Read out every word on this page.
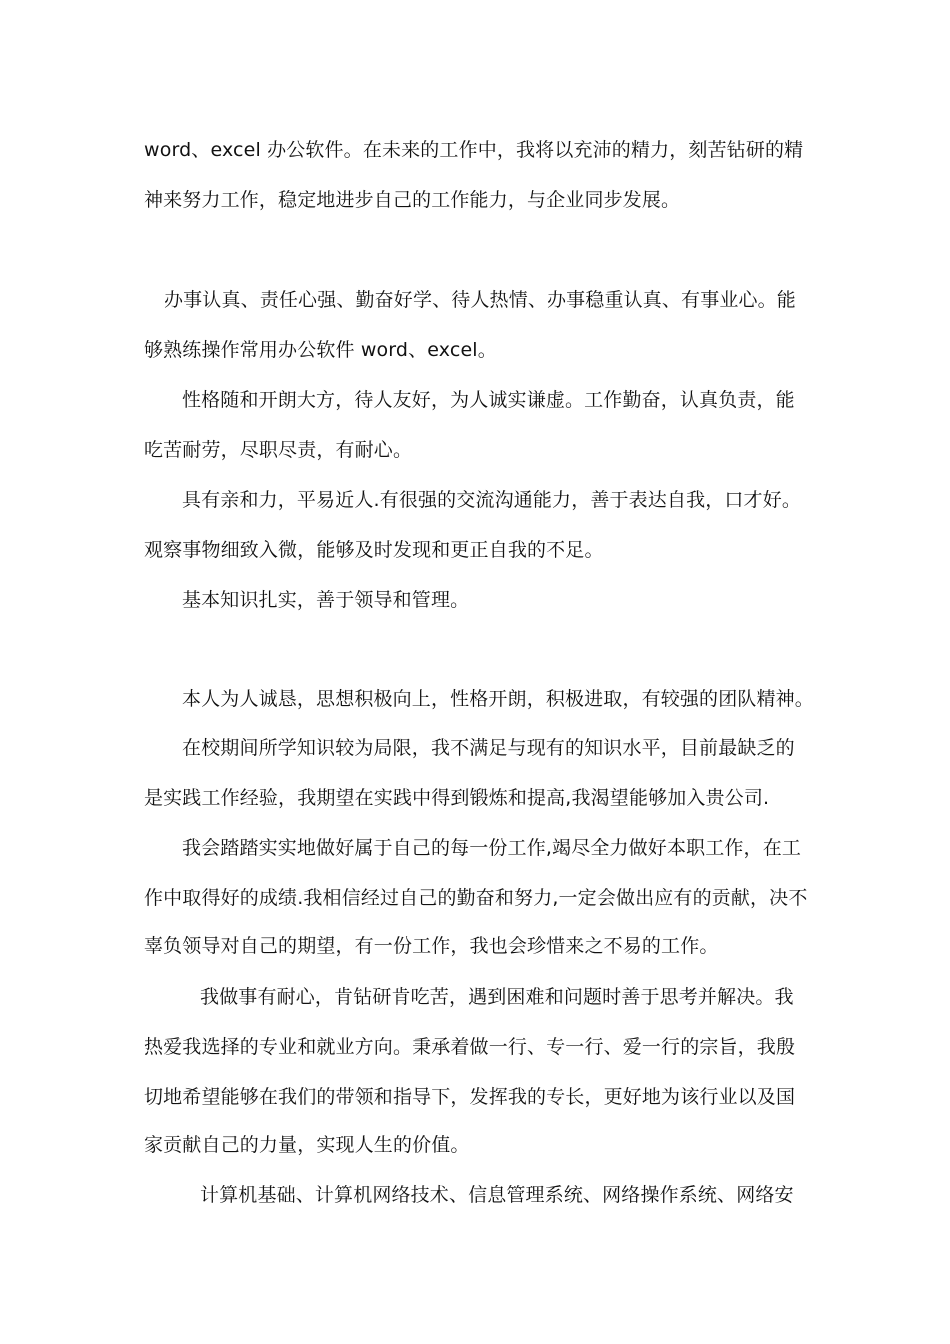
word、excel 办公软件。在未来的工作中，我将以充沛的精力，刻苦钻研的精
神来努力工作，稳定地进步自己的工作能力，与企业同步发展。
办事认真、责任心强、勤奋好学、待人热情、办事稳重认真、有事业心。能
够熟练操作常用办公软件 word、excel。
性格随和开朗大方，待人友好，为人诚实谦虚。工作勤奋，认真负责，能
吃苦耐劳，尽职尽责，有耐心。
具有亲和力，平易近人.有很强的交流沟通能力，善于表达自我，口才好。
观察事物细致入微，能够及时发现和更正自我的不足。
基本知识扎实，善于领导和管理。
本人为人诚恳，思想积极向上，性格开朗，积极进取，有较强的团队精神。
在校期间所学知识较为局限，我不满足与现有的知识水平，目前最缺乏的
是实践工作经验，我期望在实践中得到锻炼和提高,我渴望能够加入贵公司.
我会踏踏实实地做好属于自己的每一份工作,竭尽全力做好本职工作，在工
作中取得好的成绩.我相信经过自己的勤奋和努力,一定会做出应有的贡献，决不
辜负领导对自己的期望，有一份工作，我也会珍惜来之不易的工作。
我做事有耐心，肯钻研肯吃苦，遇到困难和问题时善于思考并解决。我
热爱我选择的专业和就业方向。秉承着做一行、专一行、爱一行的宗旨，我殷
切地希望能够在我们的带领和指导下，发挥我的专长，更好地为该行业以及国
家贡献自己的力量，实现人生的价值。
计算机基础、计算机网络技术、信息管理系统、网络操作系统、网络安
